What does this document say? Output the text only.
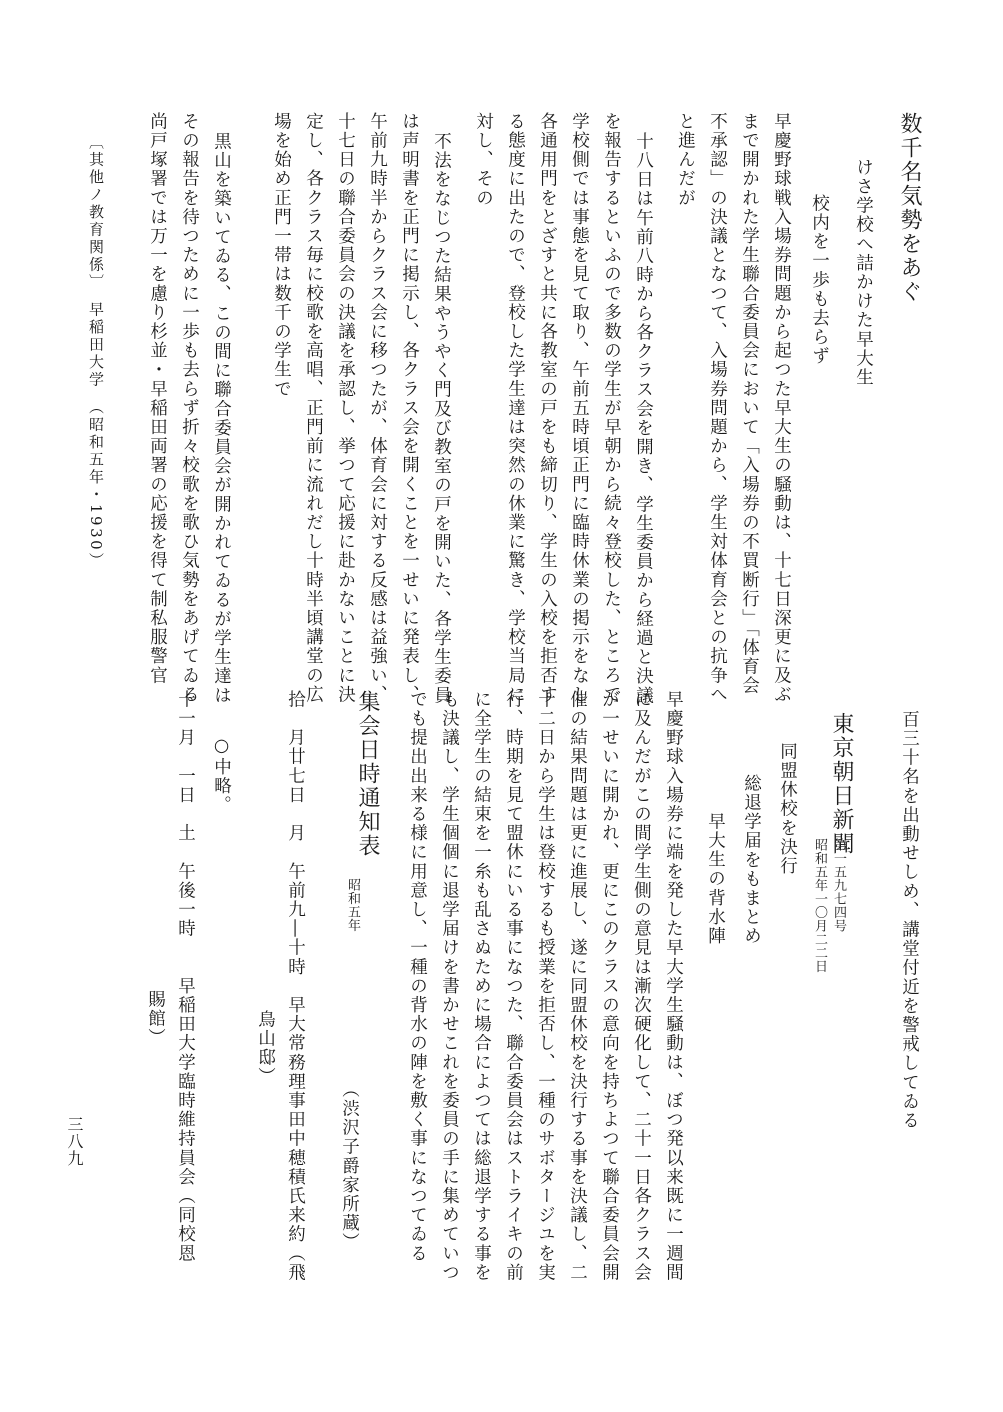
数千名気勢をあぐ
けさ学校へ詰かけた早大生
校内を一歩も去らず
早慶野球戦入場券問題から起つた早大生の騒動は、十七日深更に及ぶ
まで開かれた学生聯合委員会において「入場券の不買断行」「体育会
不承認」の決議となつて、入場券問題から、学生対体育会との抗争へ
と進んだが
十八日は午前八時から各クラス会を開き、学生委員から経過と決議
を報告するといふので多数の学生が早朝から続々登校した、ところで
学校側では事態を見て取り、午前五時頃正門に臨時休業の掲示をなし
各通用門をとざすと共に各教室の戸をも締切り、学生の入校を拒否す
る態度に出たので、登校した学生達は突然の休業に驚き、学校当局に
対し、その
不法をなじつた結果やうやく門及び教室の戸を開いた、各学生委員
は声明書を正門に掲示し、各クラス会を開くことを一せいに発表し、
午前九時半からクラス会に移つたが、体育会に対する反感は益強い、
十七日の聯合委員会の決議を承認し、挙つて応援に赴かないことに決
定し、各クラス毎に校歌を高唱、正門前に流れだし十時半頃講堂の広
場を始め正門一帯は数千の学生で
黒山を築いてゐる、この間に聯合委員会が開かれてゐるが学生達は
その報告を待つために一歩も去らず折々校歌を歌ひ気勢をあげてゐる
尚戸塚署では万一を慮り杉並・早稲田両署の応援を得て制私服警官
〔其他ノ教育関係〕　早稲田大学　（昭和五年・1930）
百三十名を出動せしめ、講堂付近を警戒してゐる
東京朝日新聞
第一五九七四号
昭和五年一〇月二二日
同盟休校を決行
総退学届をもまとめ
早大生の背水陣
早慶野球入場券に端を発した早大学生騒動は、ぼつ発以来既に一週間
に及んだがこの間学生側の意見は漸次硬化して、二十一日各クラス会
が一せいに開かれ、更にこのクラスの意向を持ちよつて聯合委員会開
催の結果問題は更に進展し、遂に同盟休校を決行する事を決議し、二
十二日から学生は登校するも授業を拒否し、一種のサボタージユを実
行、時期を見て盟休にいる事になつた、聯合委員会はストライキの前
に全学生の結束を一糸も乱さぬために場合によつては総退学する事を
も決議し、学生個個に退学届けを書かせこれを委員の手に集めていつ
でも提出出来る様に用意し、一種の背水の陣を敷く事になつてゐる
集会日時通知表
昭和五年
（渋沢子爵家所蔵）
拾　月廿七日　月　午前九―十時　早大常務理事田中穂積氏来約（飛
鳥山邸）
○中略。
十一月　一日　土　午後一時　　早稲田大学臨時維持員会（同校恩
賜館）
三八九
